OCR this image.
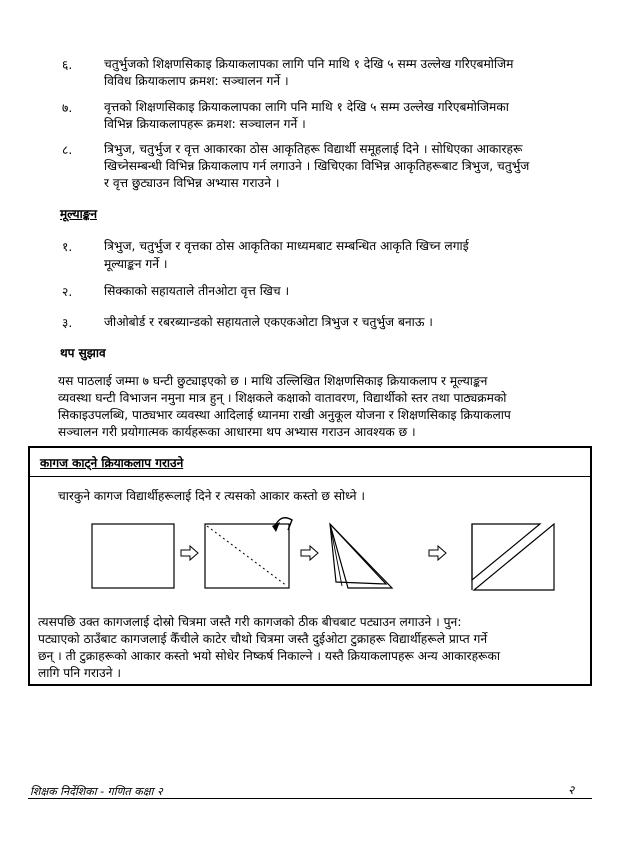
६.	चतुर्भुजको शिक्षणसिकाइ क्रियाकलापका लागि पनि माथि १ देखि ५ सम्म उल्लेख गरिएबमोजिम
विविध क्रियाकलाप क्रमश: सञ्चालन गर्ने ।
७.	वृत्तको शिक्षणसिकाइ क्रियाकलापका लागि पनि माथि १ देखि ५ सम्म उल्लेख गरिएबमोजिमका
विभिन्न क्रियाकलापहरू क्रमश: सञ्चालन गर्ने ।
८.	त्रिभुज, चतुर्भुज र वृत्त आकारका ठोस आकृतिहरू विद्यार्थी समूहलाई दिने । सोधिएका आकारहरू
खिच्नेसम्बन्धी विभिन्न क्रियाकलाप गर्न लगाउने । खिचिएका विभिन्न आकृतिहरूबाट त्रिभुज, चतुर्भुज
र वृत्त छुट्याउन विभिन्न अभ्यास गराउने ।
मूल्याङ्कन
१.	त्रिभुज, चतुर्भुज र वृत्तका ठोस आकृतिका माध्यमबाट सम्बन्धित आकृति खिच्न लगाई
मूल्याङ्कन गर्ने ।
२.	सिक्काको सहायताले तीनओटा वृत्त खिच ।
३.	जीओबोर्ड र रबरब्यान्डको सहायताले एकएकओटा त्रिभुज र चतुर्भुज बनाऊ ।
थप सुझाव
यस पाठलाई जम्मा ७ घन्टी छुट्याइएको छ । माथि उल्लिखित शिक्षणसिकाइ क्रियाकलाप र मूल्याङ्कन
व्यवस्था घन्टी विभाजन नमुना मात्र हुन् । शिक्षकले कक्षाको वातावरण, विद्यार्थीको स्तर तथा पाठ्यक्रमको
सिकाइउपलब्धि, पाठ्यभार व्यवस्था आदिलाई ध्यानमा राखी अनुकूल योजना र शिक्षणसिकाइ क्रियाकलाप
सञ्चालन गरी प्रयोगात्मक कार्यहरूका आधारमा थप अभ्यास गराउन आवश्यक छ ।
कागज काट्ने क्रियाकलाप गराउने
चारकुने कागज विद्यार्थीहरूलाई दिने र त्यसको आकार कस्तो छ सोध्ने ।
त्यसपछि उक्त कागजलाई दोस्रो चित्रमा जस्तै गरी कागजको ठीक बीचबाट पट्याउन लगाउने । पुन:
पट्याएको ठाउँबाट कागजलाई कैँचीले काटेर चौथो चित्रमा जस्तै दुईओटा टुक्राहरू विद्यार्थीहरूले प्राप्त गर्ने
छन् । ती टुक्राहरूको आकार कस्तो भयो सोधेर निष्कर्ष निकाल्ने । यस्तै क्रियाकलापहरू अन्य आकारहरूका
लागि पनि गराउने ।
शिक्षक निर्देशिका - गणित कक्षा २	२
